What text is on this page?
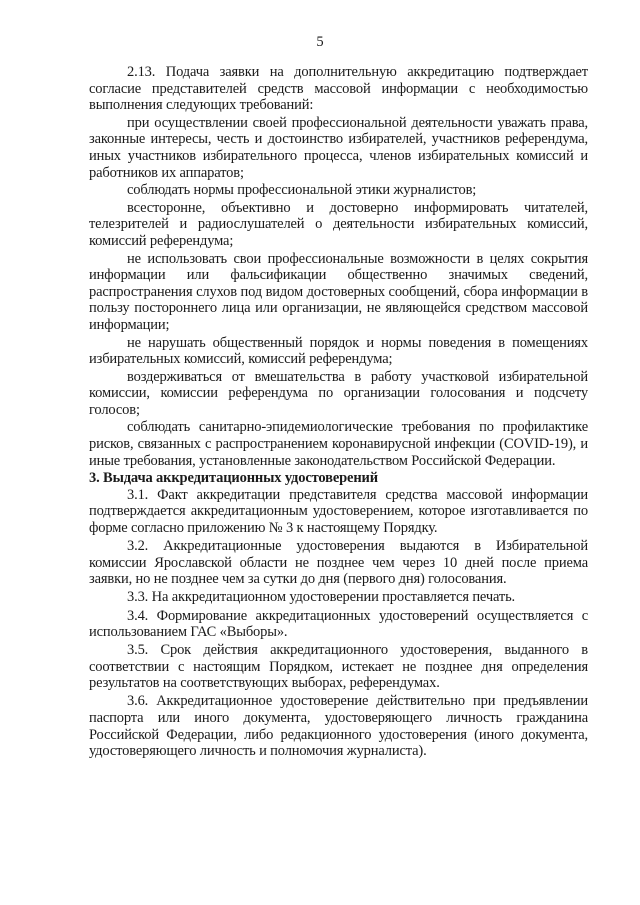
5

2.13. Подача заявки на дополнительную аккредитацию подтверждает согласие представителей средств массовой информации с необходимостью выполнения следующих требований:

при осуществлении своей профессиональной деятельности уважать права, законные интересы, честь и достоинство избирателей, участников референдума, иных участников избирательного процесса, членов избирательных комиссий и работников их аппаратов;

соблюдать нормы профессиональной этики журналистов;

всесторонне, объективно и достоверно информировать читателей, телезрителей и радиослушателей о деятельности избирательных комиссий, комиссий референдума;

не использовать свои профессиональные возможности в целях сокрытия информации или фальсификации общественно значимых сведений, распространения слухов под видом достоверных сообщений, сбора информации в пользу постороннего лица или организации, не являющейся средством массовой информации;

не нарушать общественный порядок и нормы поведения в помещениях избирательных комиссий, комиссий референдума;

воздерживаться от вмешательства в работу участковой избирательной комиссии, комиссии референдума по организации голосования и подсчету голосов;

соблюдать санитарно-эпидемиологические требования по профилактике рисков, связанных с распространением коронавирусной инфекции (COVID-19), и иные требования, установленные законодательством Российской Федерации.

3. Выдача аккредитационных удостоверений

3.1. Факт аккредитации представителя средства массовой информации подтверждается аккредитационным удостоверением, которое изготавливается по форме согласно приложению № 3 к настоящему Порядку.

3.2. Аккредитационные удостоверения выдаются в Избирательной комиссии Ярославской области не позднее чем через 10 дней после приема заявки, но не позднее чем за сутки до дня (первого дня) голосования.

3.3. На аккредитационном удостоверении проставляется печать.

3.4. Формирование аккредитационных удостоверений осуществляется с использованием ГАС «Выборы».

3.5. Срок действия аккредитационного удостоверения, выданного в соответствии с настоящим Порядком, истекает не позднее дня определения результатов на соответствующих выборах, референдумах.

3.6. Аккредитационное удостоверение действительно при предъявлении паспорта или иного документа, удостоверяющего личность гражданина Российской Федерации, либо редакционного удостоверения (иного документа, удостоверяющего личность и полномочия журналиста).
